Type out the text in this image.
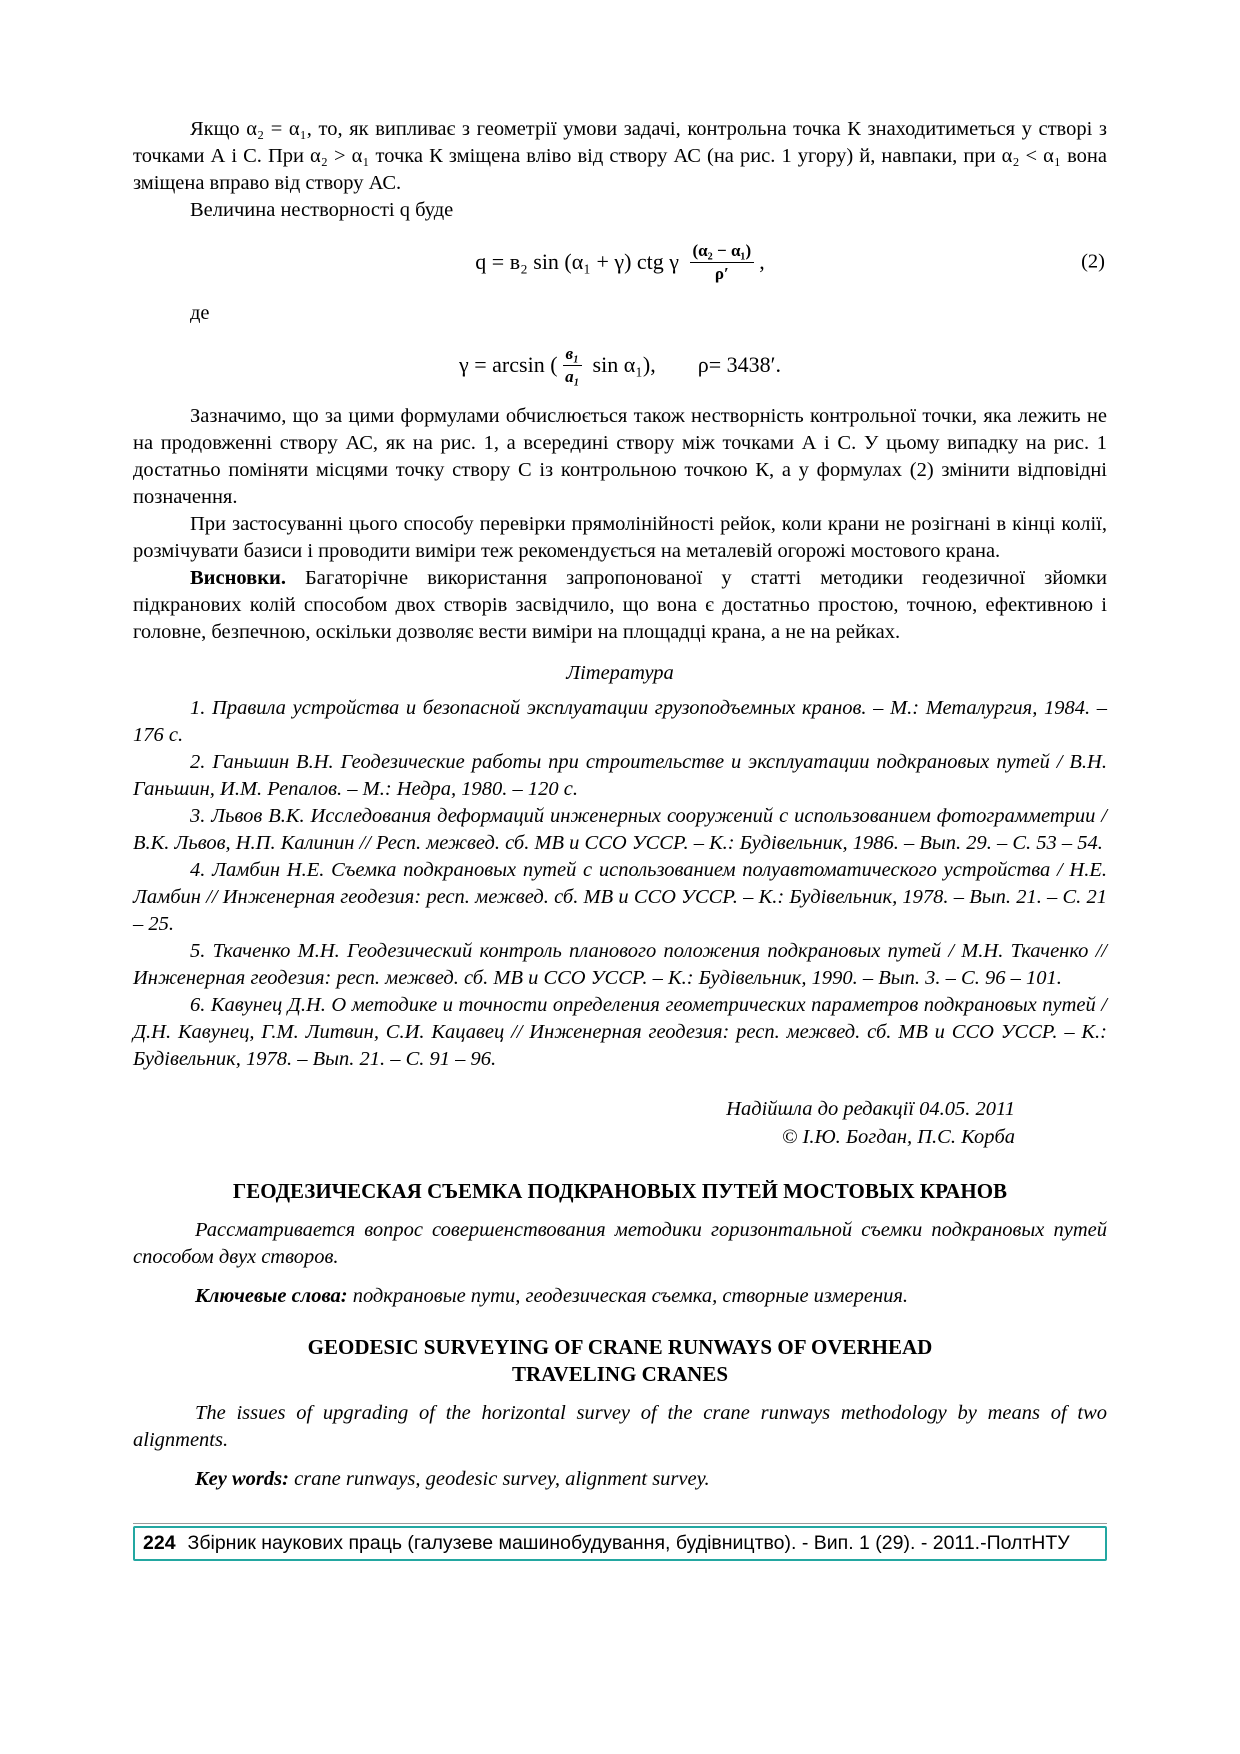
Якщо α₂ = α₁, то, як випливає з геометрії умови задачі, контрольна точка К знаходитиметься у створі з точками А і С. При α₂ > α₁ точка К зміщена вліво від створу АС (на рис. 1 угору) й, навпаки, при α₂ < α₁ вона зміщена вправо від створу АС.

Величина нестворності q буде

q = в₂ sin (α₁ + γ) ctg γ $\frac{\text{(α₂ − α₁)}}{\rho'}$ ,	(2)

де

γ = arcsin ( $\frac{\text{в₁}}{\text{а₁}}$ sin α₁), ρ= 3438′.

Зазначимо, що за цими формулами обчислюється також нестворність контрольної точки, яка лежить не на продовженні створу АС, як на рис. 1, а всередині створу між точками А і С. У цьому випадку на рис. 1 достатньо поміняти місцями точку створу С із контрольною точкою К, а у формулах (2) змінити відповідні позначення.

При застосуванні цього способу перевірки прямолінійності рейок, коли крани не розігнані в кінці колії, розмічувати базиси і проводити виміри теж рекомендується на металевій огорожі мостового крана.

Висновки. Багаторічне використання запропонованої у статті методики геодезичної зйомки підкранових колій способом двох створів засвідчило, що вона є достатньо простою, точною, ефективною і головне, безпечною, оскільки дозволяє вести виміри на площадці крана, а не на рейках.

Література

1. Правила устройства и безопасной эксплуатации грузоподъемных кранов. – М.: Металургия, 1984. – 176 с.

2. Ганьшин В.Н. Геодезические работы при строительстве и эксплуатации подкрановых путей / В.Н. Ганьшин, И.М. Репалов. – М.: Недра, 1980. – 120 с.

3. Львов В.К. Исследования деформаций инженерных сооружений с использованием фотограмметрии / В.К. Львов, Н.П. Калинин // Респ. межвед. сб. МВ и ССО УССР. – К.: Будівельник, 1986. – Вып. 29. – С. 53 – 54.

4. Ламбин Н.Е. Съемка подкрановых путей с использованием полуавтоматического устройства / Н.Е. Ламбин // Инженерная геодезия: респ. межвед. сб. МВ и ССО УССР. – К.: Будівельник, 1978. – Вып. 21. – С. 21 – 25.

5. Ткаченко М.Н. Геодезический контроль планового положения подкрановых путей / М.Н. Ткаченко // Инженерная геодезия: респ. межвед. сб. МВ и ССО УССР. – К.: Будівельник, 1990. – Вып. 3. – С. 96 – 101.

6. Кавунец Д.Н. О методике и точности определения геометрических параметров подкрановых путей / Д.Н. Кавунец, Г.М. Литвин, С.И. Кацавец // Инженерная геодезия: респ. межвед. сб. МВ и ССО УССР. – К.: Будівельник, 1978. – Вып. 21. – С. 91 – 96.

Надійшла до редакції 04.05. 2011

© І.Ю. Богдан, П.С. Корба

ГЕОДЕЗИЧЕСКАЯ СЪЕМКА ПОДКРАНОВЫХ ПУТЕЙ МОСТОВЫХ КРАНОВ

Рассматривается вопрос совершенствования методики горизонтальной съемки подкрановых путей способом двух створов.

Ключевые слова: подкрановые пути, геодезическая съемка, створные измерения.

GEODESIC SURVEYING OF CRANE RUNWAYS OF OVERHEAD
TRAVELING CRANES

The issues of upgrading of the horizontal survey of the crane runways methodology by means of two alignments.

Key words: crane runways, geodesic survey, alignment survey.

224 Збірник наукових праць (галузеве машинобудування, будівництво). - Вип. 1 (29). - 2011.-ПолтНТУ
